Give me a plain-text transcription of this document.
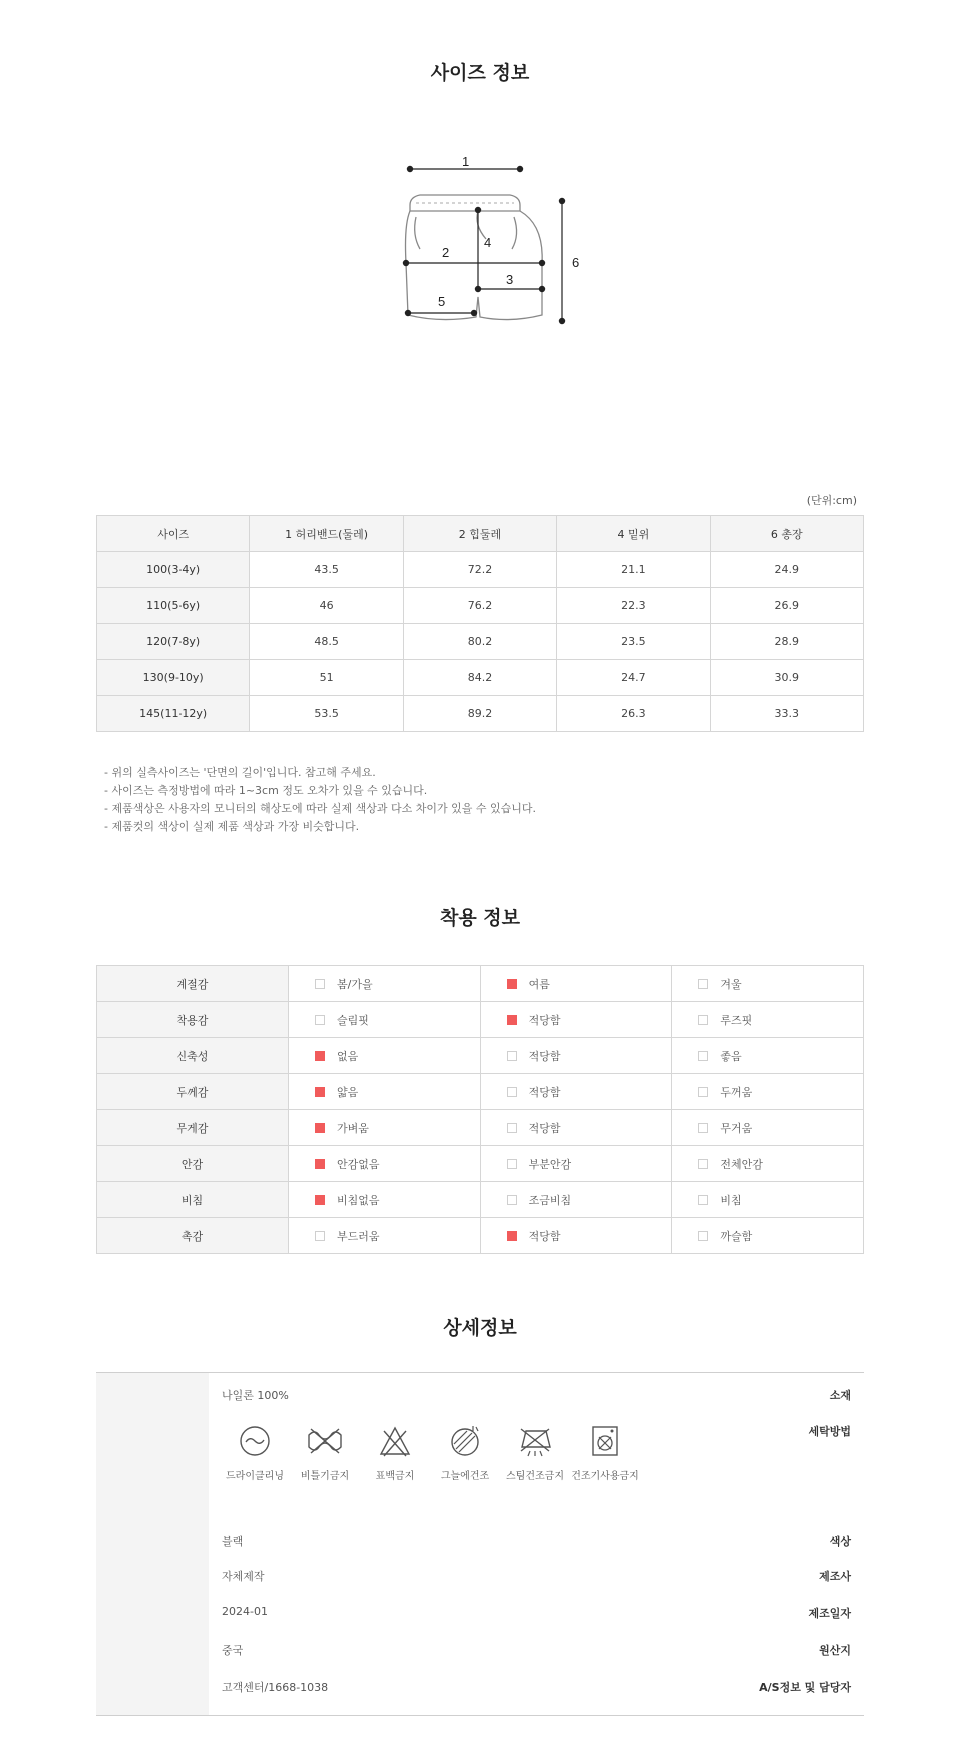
사이즈 정보
1
2
3
4
5
6
(단위:cm)
사이즈	1 허리밴드(둘레)	2 힙둘레	4 밑위	6 총장
100(3-4y)	43.5	72.2	21.1	24.9
110(5-6y)	46	76.2	22.3	26.9
120(7-8y)	48.5	80.2	23.5	28.9
130(9-10y)	51	84.2	24.7	30.9
145(11-12y)	53.5	89.2	26.3	33.3
- 위의 실측사이즈는 '단면의 길이'입니다. 참고해 주세요.
- 사이즈는 측정방법에 따라 1~3cm 정도 오차가 있을 수 있습니다.
- 제품색상은 사용자의 모니터의 해상도에 따라 실제 색상과 다소 차이가 있을 수 있습니다.
- 제품컷의 색상이 실제 제품 색상과 가장 비슷합니다.
착용 정보
계절감	봄/가을	여름	겨울
착용감	슬림핏	적당함	루즈핏
신축성	없음	적당함	좋음
두께감	얇음	적당함	두꺼움
무게감	가벼움	적당함	무거움
안감	안감없음	부분안감	전체안감
비침	비침없음	조금비침	비침
촉감	부드러움	적당함	까슬함
상세정보
소재
나일론 100%
세탁방법
드라이클리닝	비틀기금지	표백금지	그늘에건조	스팀건조금지 건조기사용금지
색상
블랙
제조사
자체제작
제조일자
2024-01
원산지
중국
A/S정보 및 담당자
고객센터/1668-1038
